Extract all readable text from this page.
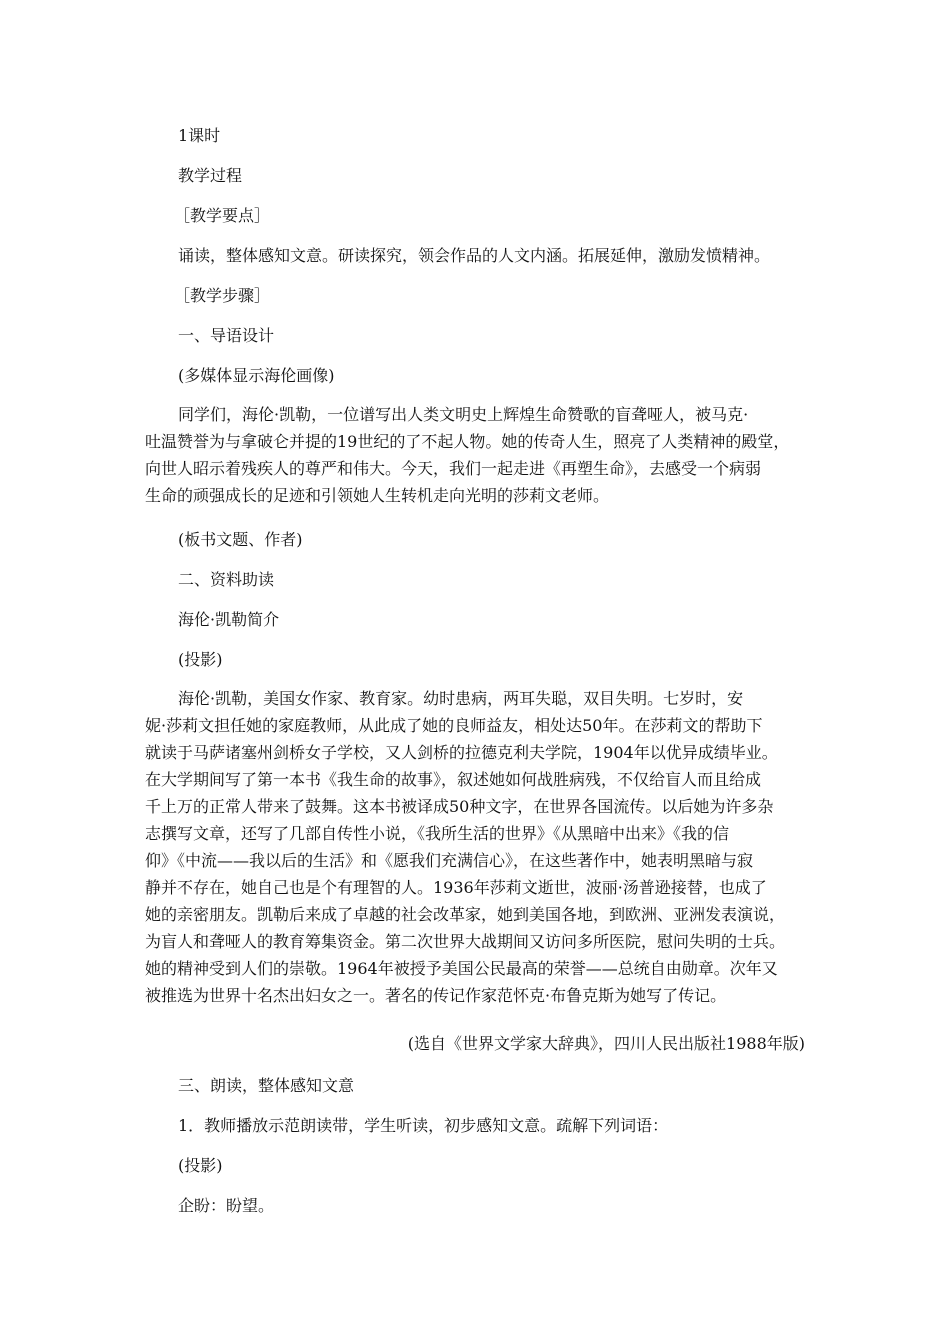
1课时
教学过程
［教学要点］
诵读，整体感知文意。研读探究，领会作品的人文内涵。拓展延伸，激励发愤精神。
［教学步骤］
一、导语设计
(多媒体显示海伦画像)
同学们，海伦·凯勒，一位谱写出人类文明史上辉煌生命赞歌的盲聋哑人，被马克·
吐温赞誉为与拿破仑并提的19世纪的了不起人物。她的传奇人生，照亮了人类精神的殿堂，
向世人昭示着残疾人的尊严和伟大。今天，我们一起走进《再塑生命》，去感受一个病弱
生命的顽强成长的足迹和引领她人生转机走向光明的莎莉文老师。
(板书文题、作者)
二、资料助读
海伦·凯勒简介
(投影)
海伦·凯勒，美国女作家、教育家。幼时患病，两耳失聪，双目失明。七岁时，安
妮·莎莉文担任她的家庭教师，从此成了她的良师益友，相处达50年。在莎莉文的帮助下
就读于马萨诸塞州剑桥女子学校，又人剑桥的拉德克利夫学院，1904年以优异成绩毕业。
在大学期间写了第一本书《我生命的故事》，叙述她如何战胜病残，不仅给盲人而且给成
千上万的正常人带来了鼓舞。这本书被译成50种文字，在世界各国流传。以后她为许多杂
志撰写文章，还写了几部自传性小说，《我所生活的世界》《从黑暗中出来》《我的信
仰》《中流——我以后的生活》和《愿我们充满信心》，在这些著作中，她表明黑暗与寂
静并不存在，她自己也是个有理智的人。1936年莎莉文逝世，波丽·汤普逊接替，也成了
她的亲密朋友。凯勒后来成了卓越的社会改革家，她到美国各地，到欧洲、亚洲发表演说，
为盲人和聋哑人的教育筹集资金。第二次世界大战期间又访问多所医院，慰问失明的士兵。
她的精神受到人们的崇敬。1964年被授予美国公民最高的荣誉——总统自由勋章。次年又
被推选为世界十名杰出妇女之一。著名的传记作家范怀克·布鲁克斯为她写了传记。
(选自《世界文学家大辞典》，四川人民出版社1988年版)
三、朗读，整体感知文意
1．教师播放示范朗读带，学生听读，初步感知文意。疏解下列词语：
(投影)
企盼：盼望。
